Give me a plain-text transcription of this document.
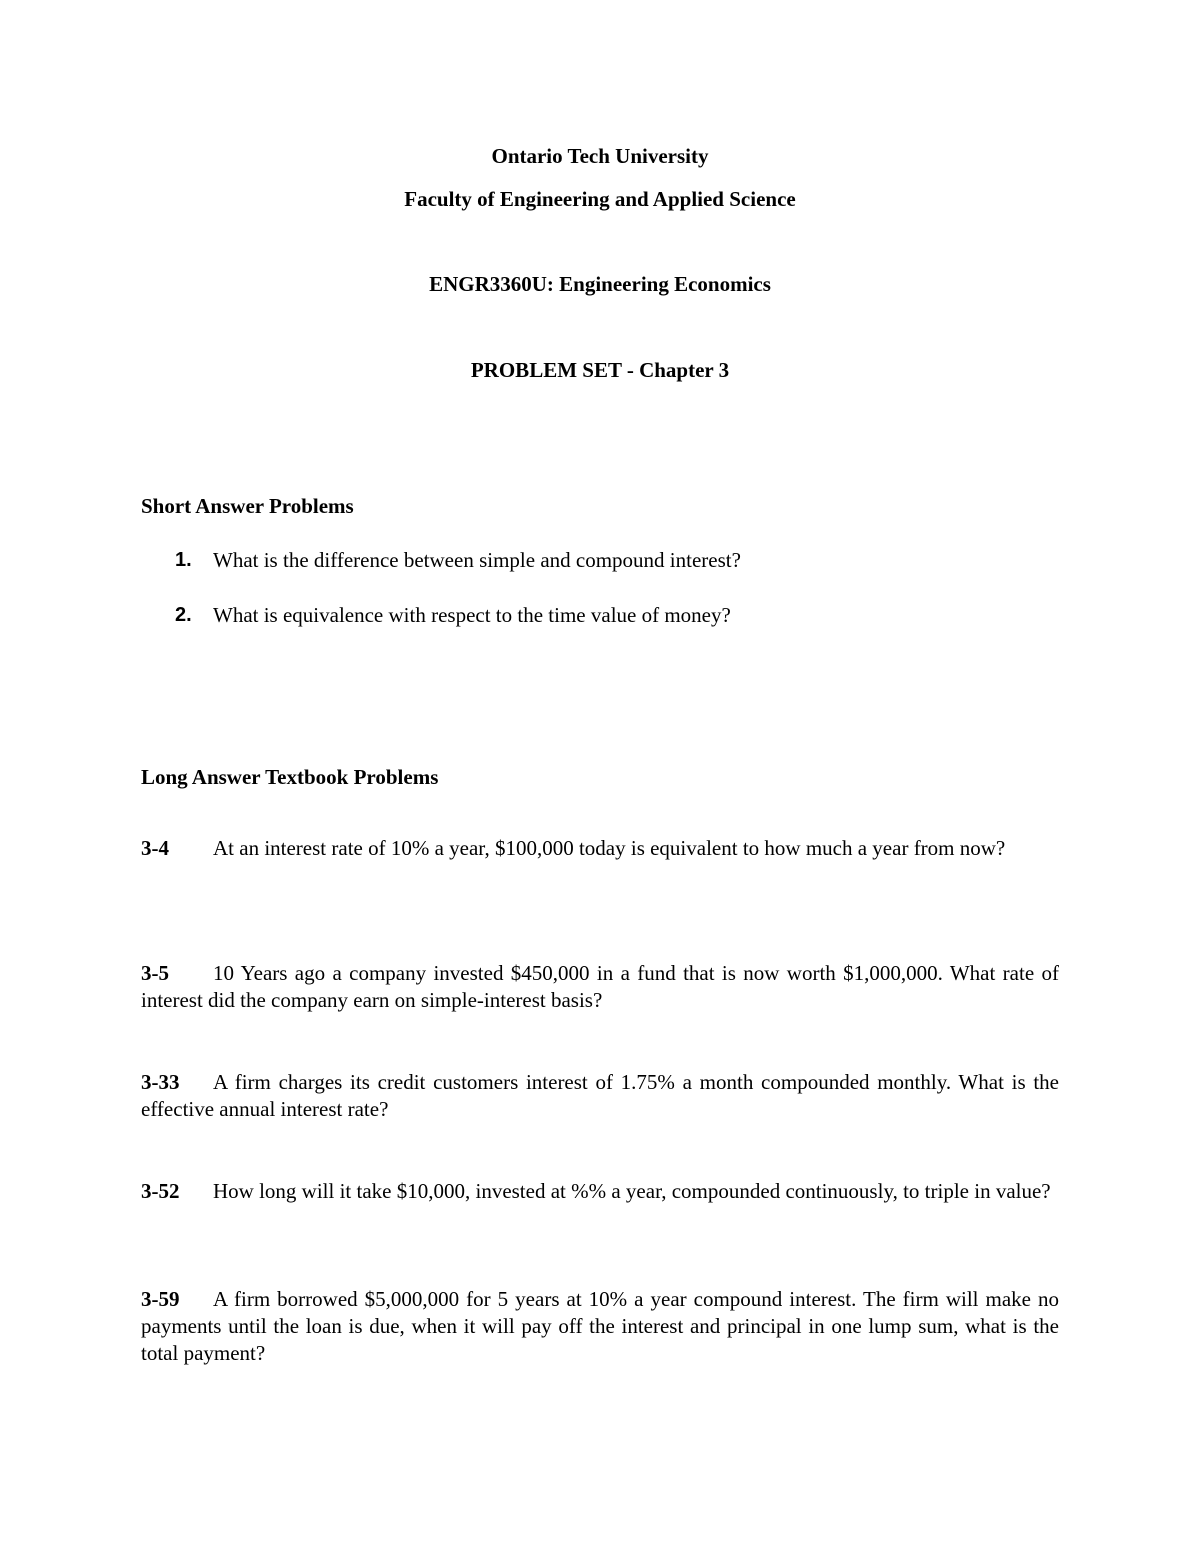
Ontario Tech University
Faculty of Engineering and Applied Science
ENGR3360U: Engineering Economics
PROBLEM SET - Chapter 3
Short Answer Problems
1. What is the difference between simple and compound interest?
2. What is equivalence with respect to the time value of money?
Long Answer Textbook Problems
3-4 At an interest rate of 10% a year, $100,000 today is equivalent to how much a year from now?
3-5 10 Years ago a company invested $450,000 in a fund that is now worth $1,000,000. What rate of interest did the company earn on simple-interest basis?
3-33 A firm charges its credit customers interest of 1.75% a month compounded monthly. What is the effective annual interest rate?
3-52 How long will it take $10,000, invested at %% a year, compounded continuously, to triple in value?
3-59 A firm borrowed $5,000,000 for 5 years at 10% a year compound interest. The firm will make no payments until the loan is due, when it will pay off the interest and principal in one lump sum, what is the total payment?
